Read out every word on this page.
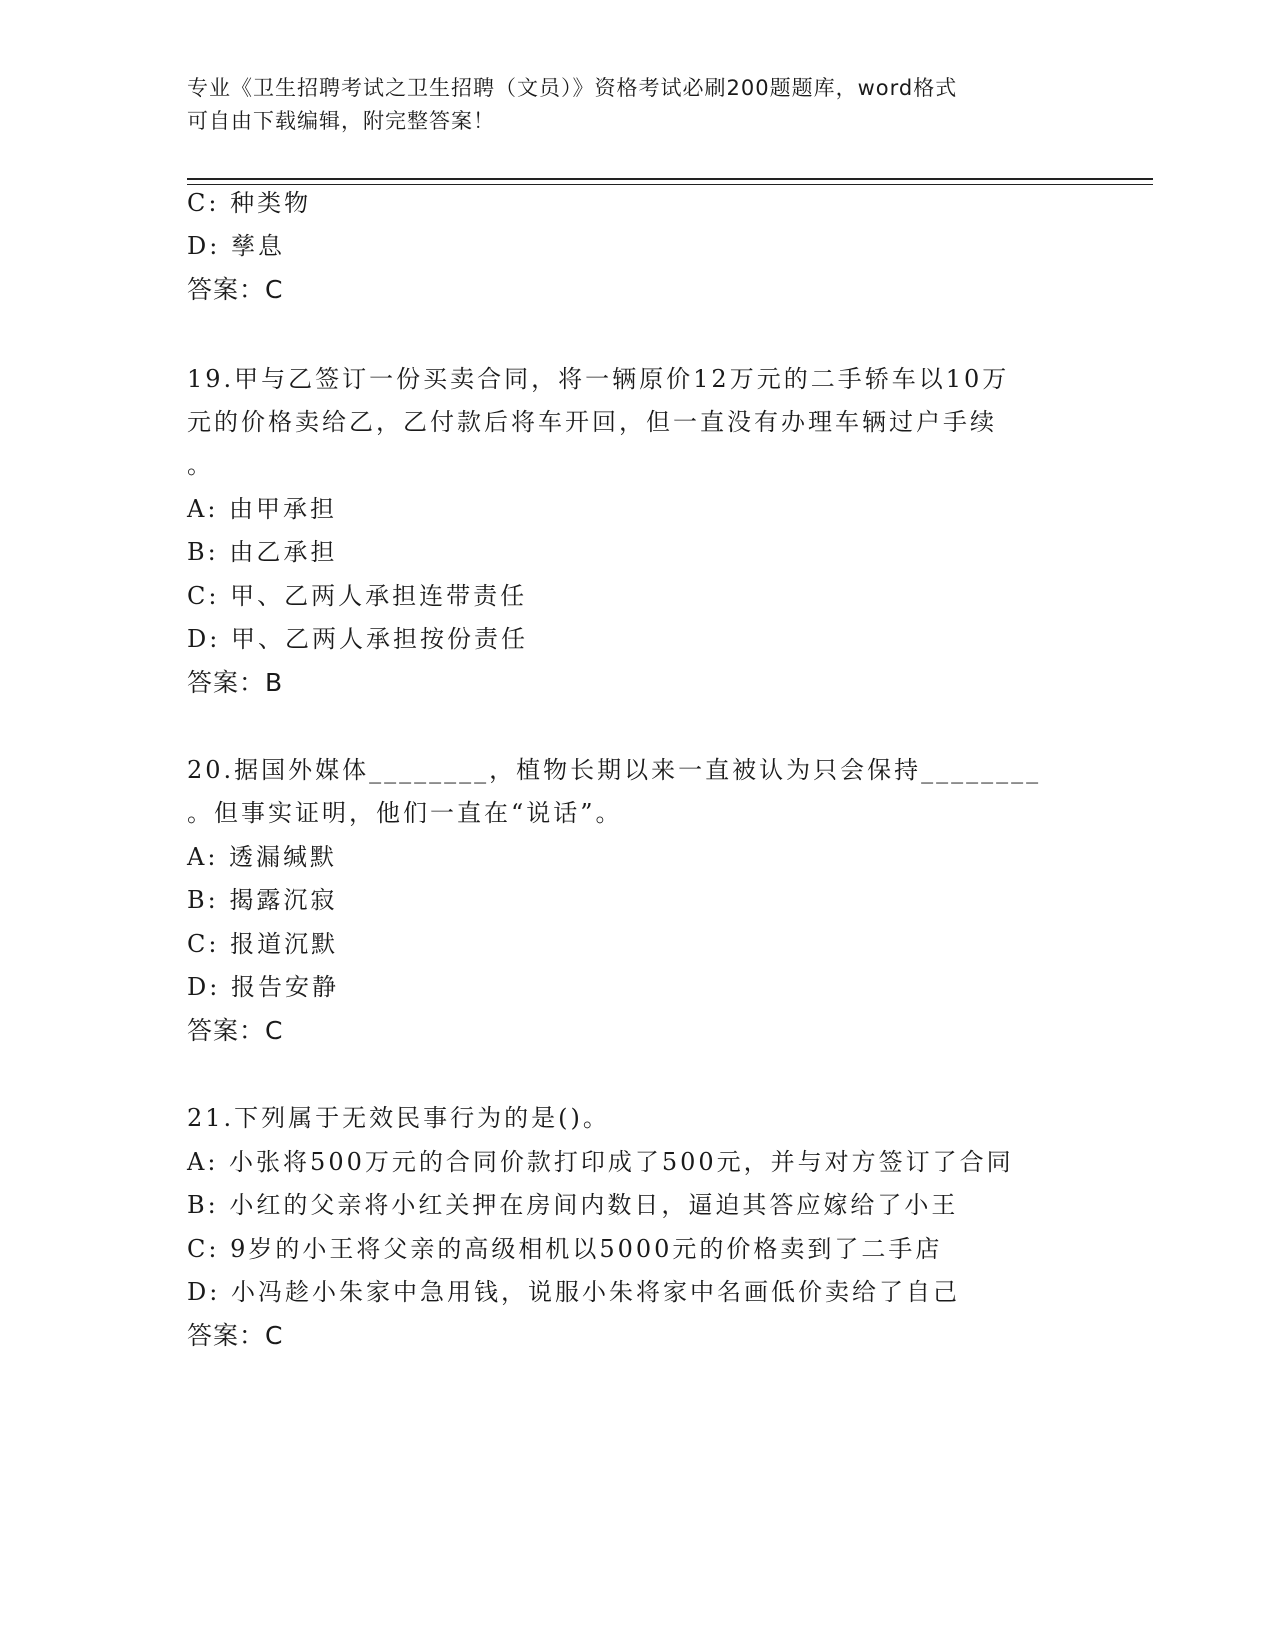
专业《卫生招聘考试之卫生招聘（文员）》资格考试必刷200题题库，word格式
可自由下载编辑，附完整答案！
C: 种类物
D: 孳息
答案：C
19.甲与乙签订一份买卖合同，将一辆原价12万元的二手轿车以10万
元的价格卖给乙，乙付款后将车开回，但一直没有办理车辆过户手续
。
A: 由甲承担
B: 由乙承担
C: 甲、乙两人承担连带责任
D: 甲、乙两人承担按份责任
答案：B
20.据国外媒体________，植物长期以来一直被认为只会保持________
。但事实证明，他们一直在“说话”。
A: 透漏缄默
B: 揭露沉寂
C: 报道沉默
D: 报告安静
答案：C
21.下列属于无效民事行为的是()。
A: 小张将500万元的合同价款打印成了500元，并与对方签订了合同
B: 小红的父亲将小红关押在房间内数日，逼迫其答应嫁给了小王
C: 9岁的小王将父亲的高级相机以5000元的价格卖到了二手店
D: 小冯趁小朱家中急用钱，说服小朱将家中名画低价卖给了自己
答案：C
